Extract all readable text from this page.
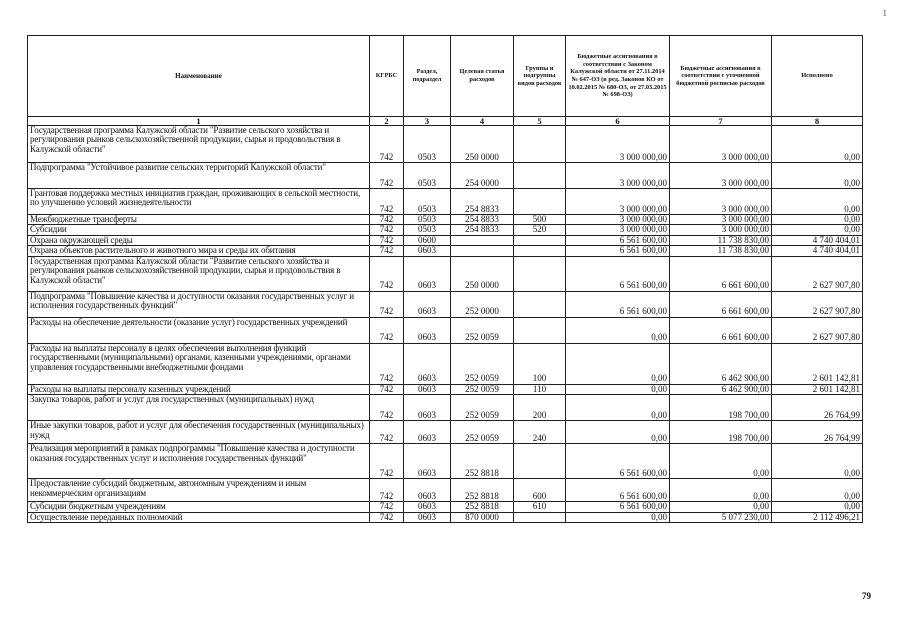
1
Наименование	КГРБС	Раздел, подраздел	Целевая статья расходов	Группы и подгруппы видов расходов	Бюджетные ассигнования в соответствии с Законом Калужской области от 27.11.2014 № 647-ОЗ (в ред. Законов КО от 10.02.2015 № 680-ОЗ, от 27.03.2015 № 698-ОЗ)	Бюджетные ассигнования в соответствии с уточненной бюджетной росписью расходов	Исполнено
1	2	3	4	5	6	7	8
Государственная программа Калужской области "Развитие сельского хозяйства и регулирования рынков сельскохозяйственной продукции, сырья и продовольствия в Калужской области"	742	0503	250 0000		3 000 000,00	3 000 000,00	0,00
Подпрограмма "Устойчивое развитие сельских территорий Калужской области"	742	0503	254 0000		3 000 000,00	3 000 000,00	0,00
Грантовая поддержка местных инициатив граждан, проживающих в сельской местности, по улучшению условий жизнедеятельности	742	0503	254 8833		3 000 000,00	3 000 000,00	0,00
Межбюджетные трансферты	742	0503	254 8833	500	3 000 000,00	3 000 000,00	0,00
Субсидии	742	0503	254 8833	520	3 000 000,00	3 000 000,00	0,00
Охрана окружающей среды	742	0600			6 561 600,00	11 738 830,00	4 740 404,01
Охрана объектов растительного и животного мира и среды их обитания	742	0603			6 561 600,00	11 738 830,00	4 740 404,01
Государственная программа Калужской области "Развитие сельского хозяйства и регулирования рынков сельскохозяйственной продукции, сырья и продовольствия в Калужской области"	742	0603	250 0000		6 561 600,00	6 661 600,00	2 627 907,80
Подпрограмма "Повышение качества и доступности оказания государственных услуг и исполнения государственных функций"	742	0603	252 0000		6 561 600,00	6 661 600,00	2 627 907,80
Расходы на обеспечение деятельности (оказание услуг) государственных учреждений	742	0603	252 0059		0,00	6 661 600,00	2 627 907,80
Расходы на выплаты персоналу в целях обеспечения выполнения функций государственными (муниципальными) органами, казенными учреждениями, органами управления государственными внебюджетными фондами	742	0603	252 0059	100	0,00	6 462 900,00	2 601 142,81
Расходы на выплаты персоналу казенных учреждений	742	0603	252 0059	110	0,00	6 462 900,00	2 601 142,81
Закупка товаров, работ и услуг для государственных (муниципальных) нужд	742	0603	252 0059	200	0,00	198 700,00	26 764,99
Иные закупки товаров, работ и услуг для обеспечения государственных (муниципальных) нужд	742	0603	252 0059	240	0,00	198 700,00	26 764,99
Реализация мероприятий в рамках подпрограммы "Повышение качества и доступности оказания государственных услуг и исполнения государственных функций"	742	0603	252 8818		6 561 600,00	0,00	0,00
Предоставление субсидий бюджетным, автономным учреждениям и иным некоммерческим организациям	742	0603	252 8818	600	6 561 600,00	0,00	0,00
Субсидии бюджетным учреждениям	742	0603	252 8818	610	6 561 600,00	0,00	0,00
Осуществление переданных полномочий	742	0603	870 0000		0,00	5 077 230,00	2 112 496,21
79
